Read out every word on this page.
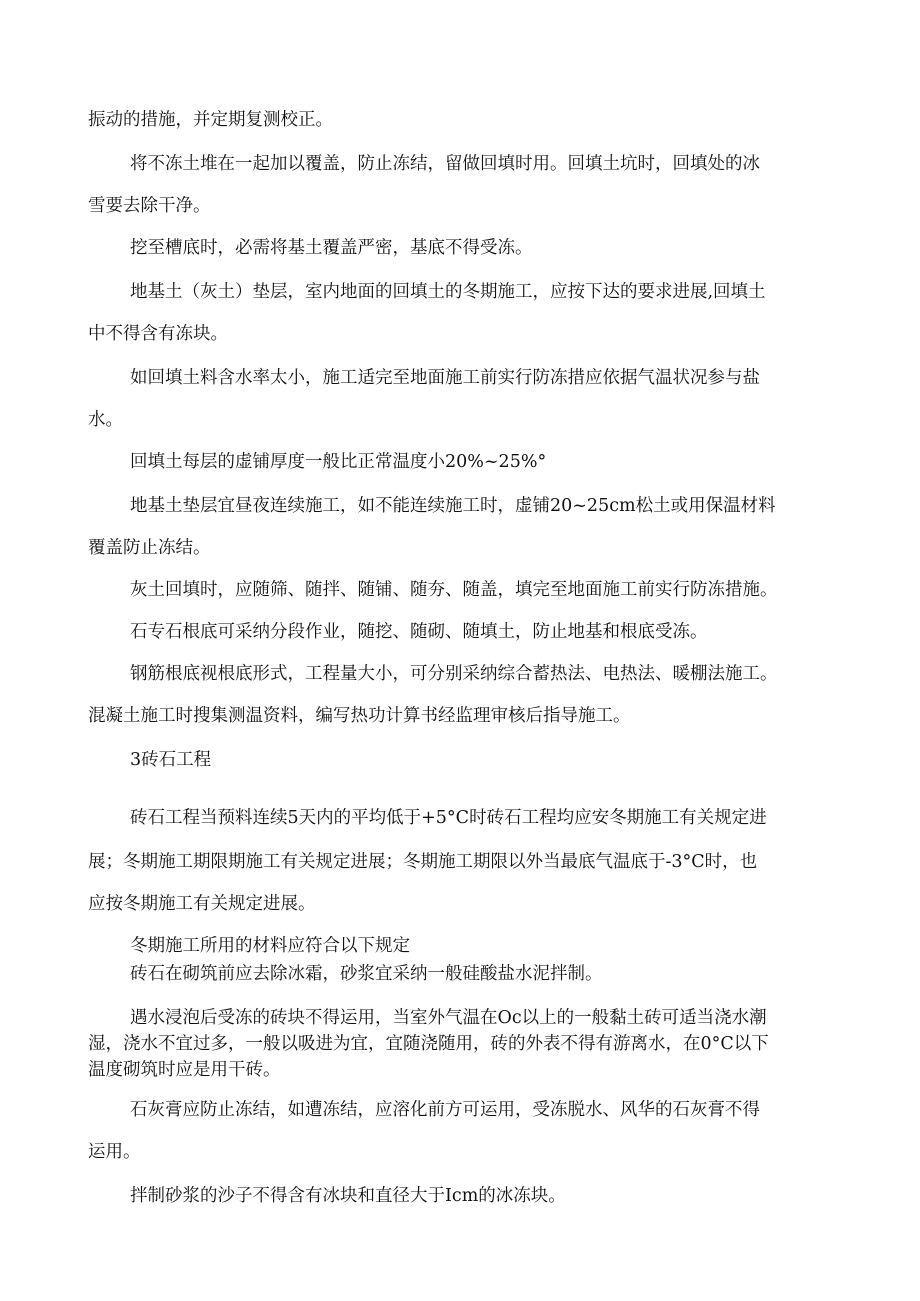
振动的措施，并定期复测校正。

将不冻土堆在一起加以覆盖，防止冻结，留做回填时用。回填土坑时，回填处的冰

雪要去除干净。

挖至槽底时，必需将基土覆盖严密，基底不得受冻。

地基土（灰土）垫层，室内地面的回填土的冬期施工，应按下达的要求进展,回填土

中不得含有冻块。

如回填土料含水率太小，施工适完至地面施工前实行防冻措应依据气温状况参与盐

水。

回填土每层的虚铺厚度一般比正常温度小20%~25%°

地基土垫层宜昼夜连续施工，如不能连续施工时，虚铺20~25cm松土或用保温材料

覆盖防止冻结。

灰土回填时，应随筛、随拌、随铺、随夯、随盖，填完至地面施工前实行防冻措施。

石专石根底可采纳分段作业，随挖、随砌、随填土，防止地基和根底受冻。

钢筋根底视根底形式，工程量大小，可分别采纳综合蓄热法、电热法、暖棚法施工。

混凝土施工时搜集测温资料，编写热功计算书经监理审核后指导施工。

3砖石工程

砖石工程当预料连续5天内的平均低于+5°C时砖石工程均应安冬期施工有关规定进

展；冬期施工期限期施工有关规定进展；冬期施工期限以外当最底气温底于-3°C时，也

应按冬期施工有关规定进展。

冬期施工所用的材料应符合以下规定

砖石在砌筑前应去除冰霜，砂浆宜采纳一般硅酸盐水泥拌制。

遇水浸泡后受冻的砖块不得运用，当室外气温在Oc以上的一般黏土砖可适当浇水潮

湿，浇水不宜过多，一般以吸进为宜，宜随浇随用，砖的外表不得有游离水，在0°C以下

温度砌筑时应是用干砖。

石灰膏应防止冻结，如遭冻结，应溶化前方可运用，受冻脱水、风华的石灰膏不得

运用。

拌制砂浆的沙子不得含有冰块和直径大于Icm的冰冻块。
